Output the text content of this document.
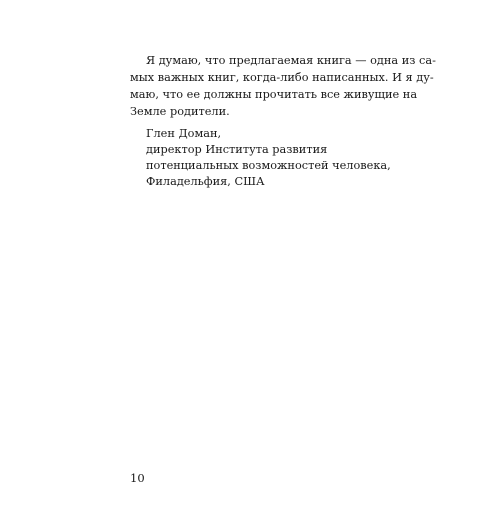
Я думаю, что предлагаемая книга — одна из са-
мых важных книг, когда-либо написанных. И я ду-
маю, что ее должны прочитать все живущие на
Земле родители.
Глен Доман,
директор Института развития
потенциальных возможностей человека,
Филадельфия, США
10
